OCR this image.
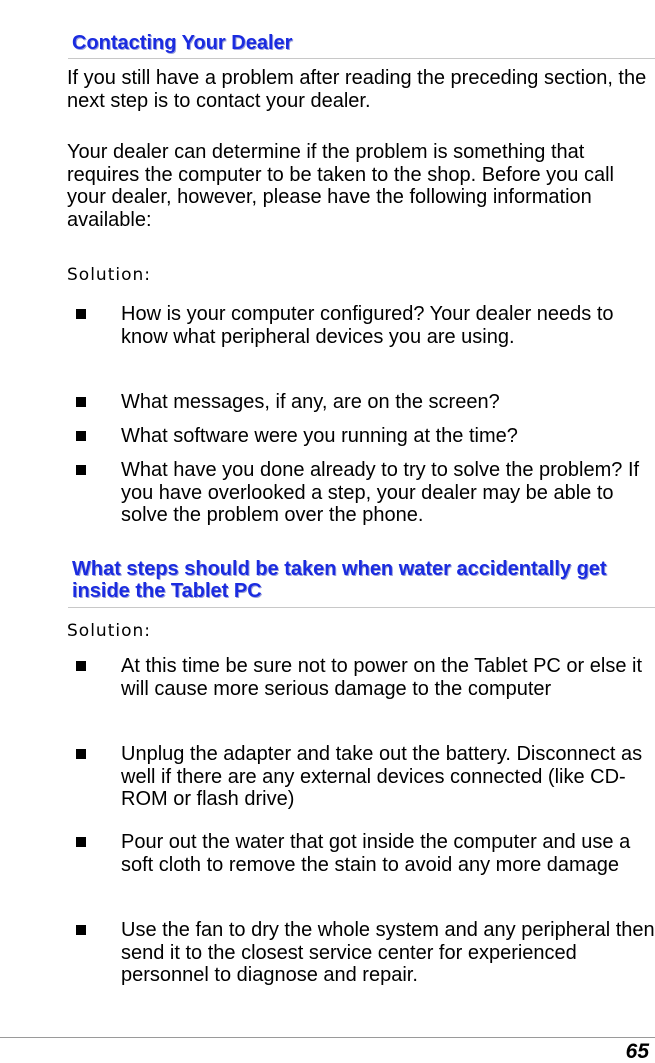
Contacting Your Dealer

If you still have a problem after reading the preceding section, the next step is to contact your dealer.

Your dealer can determine if the problem is something that requires the computer to be taken to the shop. Before you call your dealer, however, please have the following information available:

Solution:

How is your computer configured? Your dealer needs to know what peripheral devices you are using.
What messages, if any, are on the screen?
What software were you running at the time?
What have you done already to try to solve the problem? If you have overlooked a step, your dealer may be able to solve the problem over the phone.
What steps should be taken when water accidentally get inside the Tablet PC

Solution:

At this time be sure not to power on the Tablet PC or else it will cause more serious damage to the computer
Unplug the adapter and take out the battery. Disconnect as well if there are any external devices connected (like CD-ROM or flash drive)
Pour out the water that got inside the computer and use a soft cloth to remove the stain to avoid any more damage
Use the fan to dry the whole system and any peripheral then send it to the closest service center for experienced personnel to diagnose and repair.
65
